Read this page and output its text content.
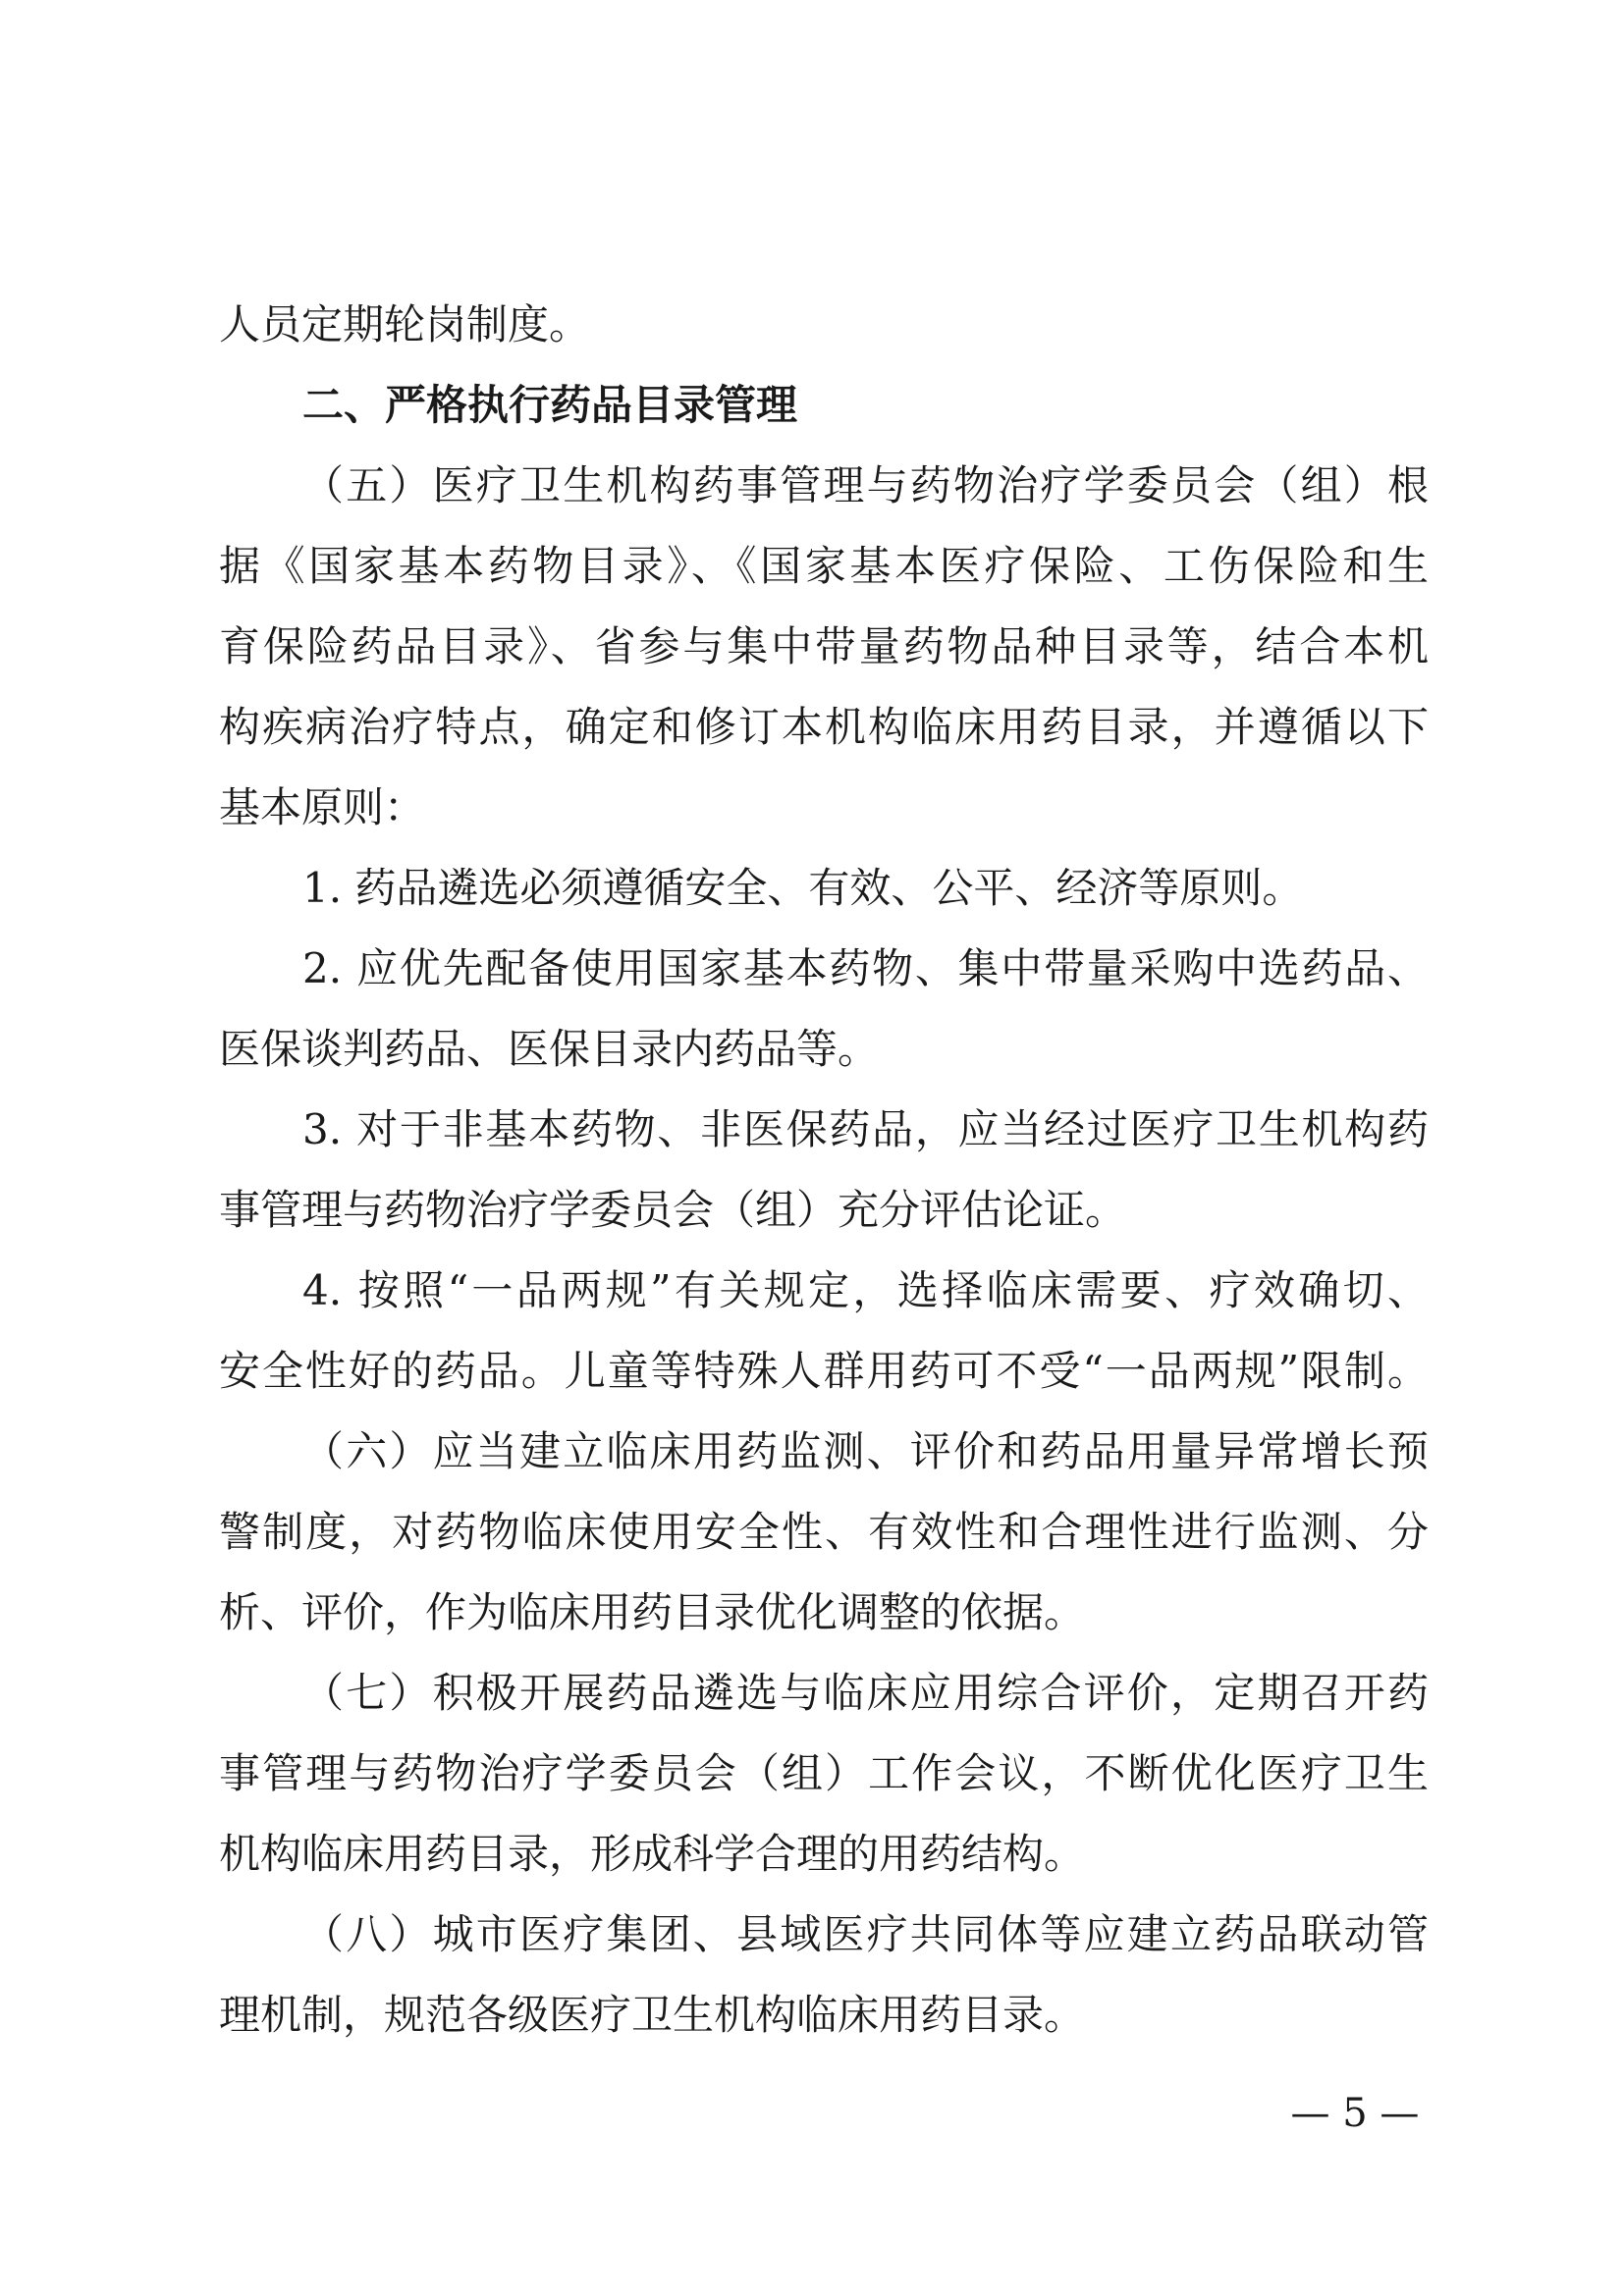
人员定期轮岗制度。
二、严格执行药品目录管理
（五）医疗卫生机构药事管理与药物治疗学委员会（组）根
据《国家基本药物目录》、《国家基本医疗保险、工伤保险和生
育保险药品目录》、省参与集中带量药物品种目录等，结合本机
构疾病治疗特点，确定和修订本机构临床用药目录，并遵循以下
基本原则：
1. 药品遴选必须遵循安全、有效、公平、经济等原则。
2. 应优先配备使用国家基本药物、集中带量采购中选药品、
医保谈判药品、医保目录内药品等。
3. 对于非基本药物、非医保药品，应当经过医疗卫生机构药
事管理与药物治疗学委员会（组）充分评估论证。
4. 按照“一品两规”有关规定，选择临床需要、疗效确切、
安全性好的药品。儿童等特殊人群用药可不受“一品两规”限制。
（六）应当建立临床用药监测、评价和药品用量异常增长预
警制度，对药物临床使用安全性、有效性和合理性进行监测、分
析、评价，作为临床用药目录优化调整的依据。
（七）积极开展药品遴选与临床应用综合评价，定期召开药
事管理与药物治疗学委员会（组）工作会议，不断优化医疗卫生
机构临床用药目录，形成科学合理的用药结构。
（八）城市医疗集团、县域医疗共同体等应建立药品联动管
理机制，规范各级医疗卫生机构临床用药目录。
— 5 —
